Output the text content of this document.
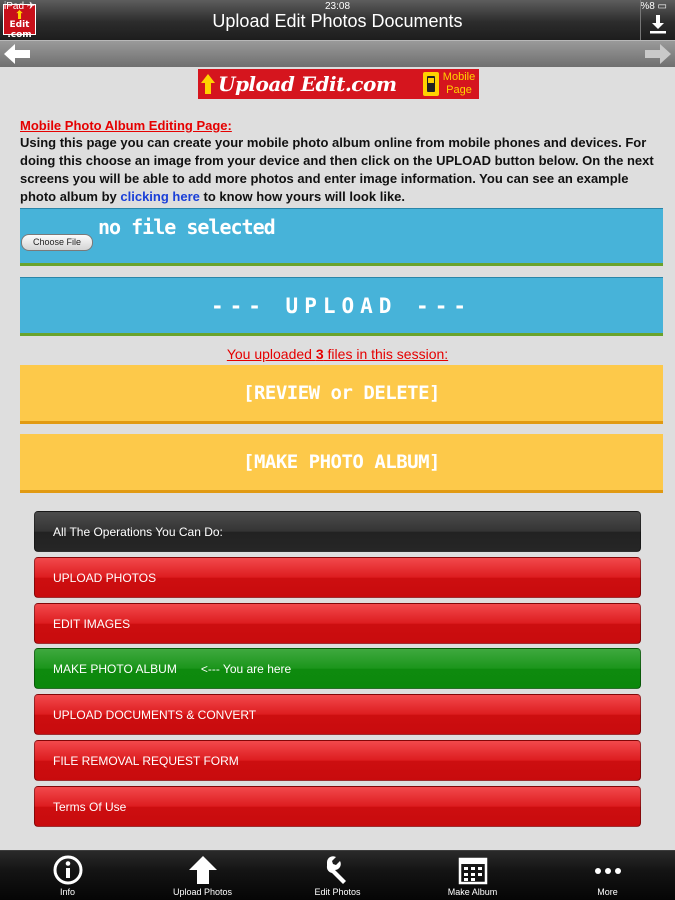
⬆
Edit
.com
iPad ✈	23:08	%8 ▭
Upload Edit Photos Documents
Upload Edit.com	Mobile
Page
Mobile Photo Album Editing Page:
Using this page you can create your mobile photo album online from mobile phones and devices. For doing this choose an image from your device and then click on the UPLOAD button below. On the next screens you will be able to add more photos and enter image information. You can see an example photo album by clicking here to know how yours will look like.
Choose File
no file selected
--- UPLOAD ---
You uploaded 3 files in this session:
[REVIEW or DELETE]
[MAKE PHOTO ALBUM]
All The Operations You Can Do:
UPLOAD PHOTOS
EDIT IMAGES
MAKE PHOTO ALBUM <--- You are here
UPLOAD DOCUMENTS & CONVERT
FILE REMOVAL REQUEST FORM
Terms Of Use
Info	Upload Photos	Edit Photos	Make Album	More
